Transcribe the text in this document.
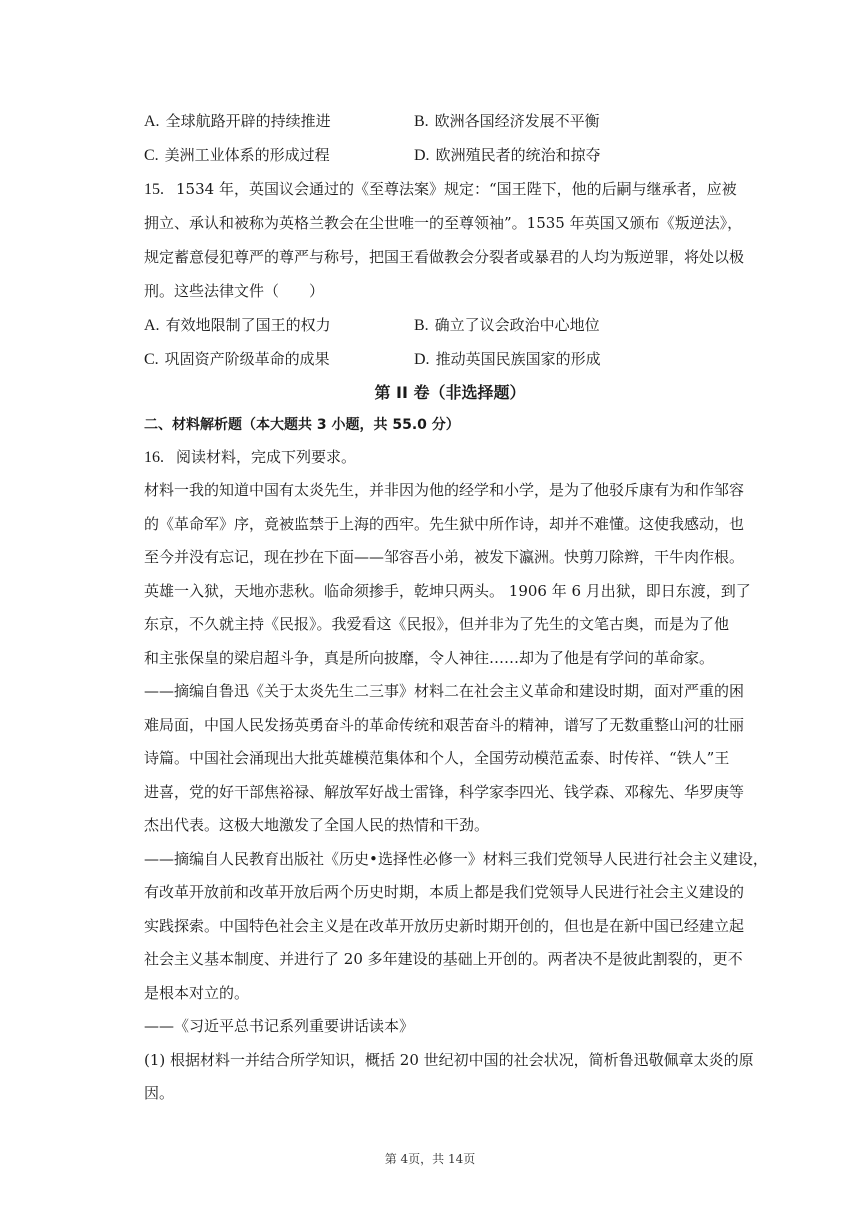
A. 全球航路开辟的持续推进	B. 欧洲各国经济发展不平衡
C. 美洲工业体系的形成过程	D. 欧洲殖民者的统治和掠夺
15. 1534 年，英国议会通过的《至尊法案》规定：“国王陛下，他的后嗣与继承者，应被
拥立、承认和被称为英格兰教会在尘世唯一的至尊领袖”。1535 年英国又颁布《叛逆法》，
规定蓄意侵犯尊严的尊严与称号，把国王看做教会分裂者或暴君的人均为叛逆罪，将处以极
刑。这些法律文件（　　）
A. 有效地限制了国王的权力	B. 确立了议会政治中心地位
C. 巩固资产阶级革命的成果	D. 推动英国民族国家的形成
第 II 卷（非选择题）
二、材料解析题（本大题共 3 小题，共 55.0 分）
16. 阅读材料，完成下列要求。
材料一我的知道中国有太炎先生，并非因为他的经学和小学，是为了他驳斥康有为和作邹容
的《革命军》序，竟被监禁于上海的西牢。先生狱中所作诗，却并不难懂。这使我感动，也
至今并没有忘记，现在抄在下面——邹容吾小弟，被发下瀛洲。快剪刀除辫，干牛肉作根。
英雄一入狱，天地亦悲秋。临命须掺手，乾坤只两头。 1906 年 6 月出狱，即日东渡，到了
东京，不久就主持《民报》。我爱看这《民报》，但并非为了先生的文笔古奥，而是为了他
和主张保皇的梁启超斗争，真是所向披靡，令人神往……却为了他是有学问的革命家。
——摘编自鲁迅《关于太炎先生二三事》材料二在社会主义革命和建设时期，面对严重的困
难局面，中国人民发扬英勇奋斗的革命传统和艰苦奋斗的精神，谱写了无数重整山河的壮丽
诗篇。中国社会涌现出大批英雄模范集体和个人，全国劳动模范孟泰、时传祥、“铁人”王
进喜，党的好干部焦裕禄、解放军好战士雷锋，科学家李四光、钱学森、邓稼先、华罗庚等
杰出代表。这极大地激发了全国人民的热情和干劲。
——摘编自人民教育出版社《历史•选择性必修一》材料三我们党领导人民进行社会主义建设，
有改革开放前和改革开放后两个历史时期，本质上都是我们党领导人民进行社会主义建设的
实践探索。中国特色社会主义是在改革开放历史新时期开创的，但也是在新中国已经建立起
社会主义基本制度、并进行了 20 多年建设的基础上开创的。两者决不是彼此割裂的，更不
是根本对立的。
——《习近平总书记系列重要讲话读本》
(1) 根据材料一并结合所学知识，概括 20 世纪初中国的社会状况，简析鲁迅敬佩章太炎的原
因。
第 4页，共 14页
